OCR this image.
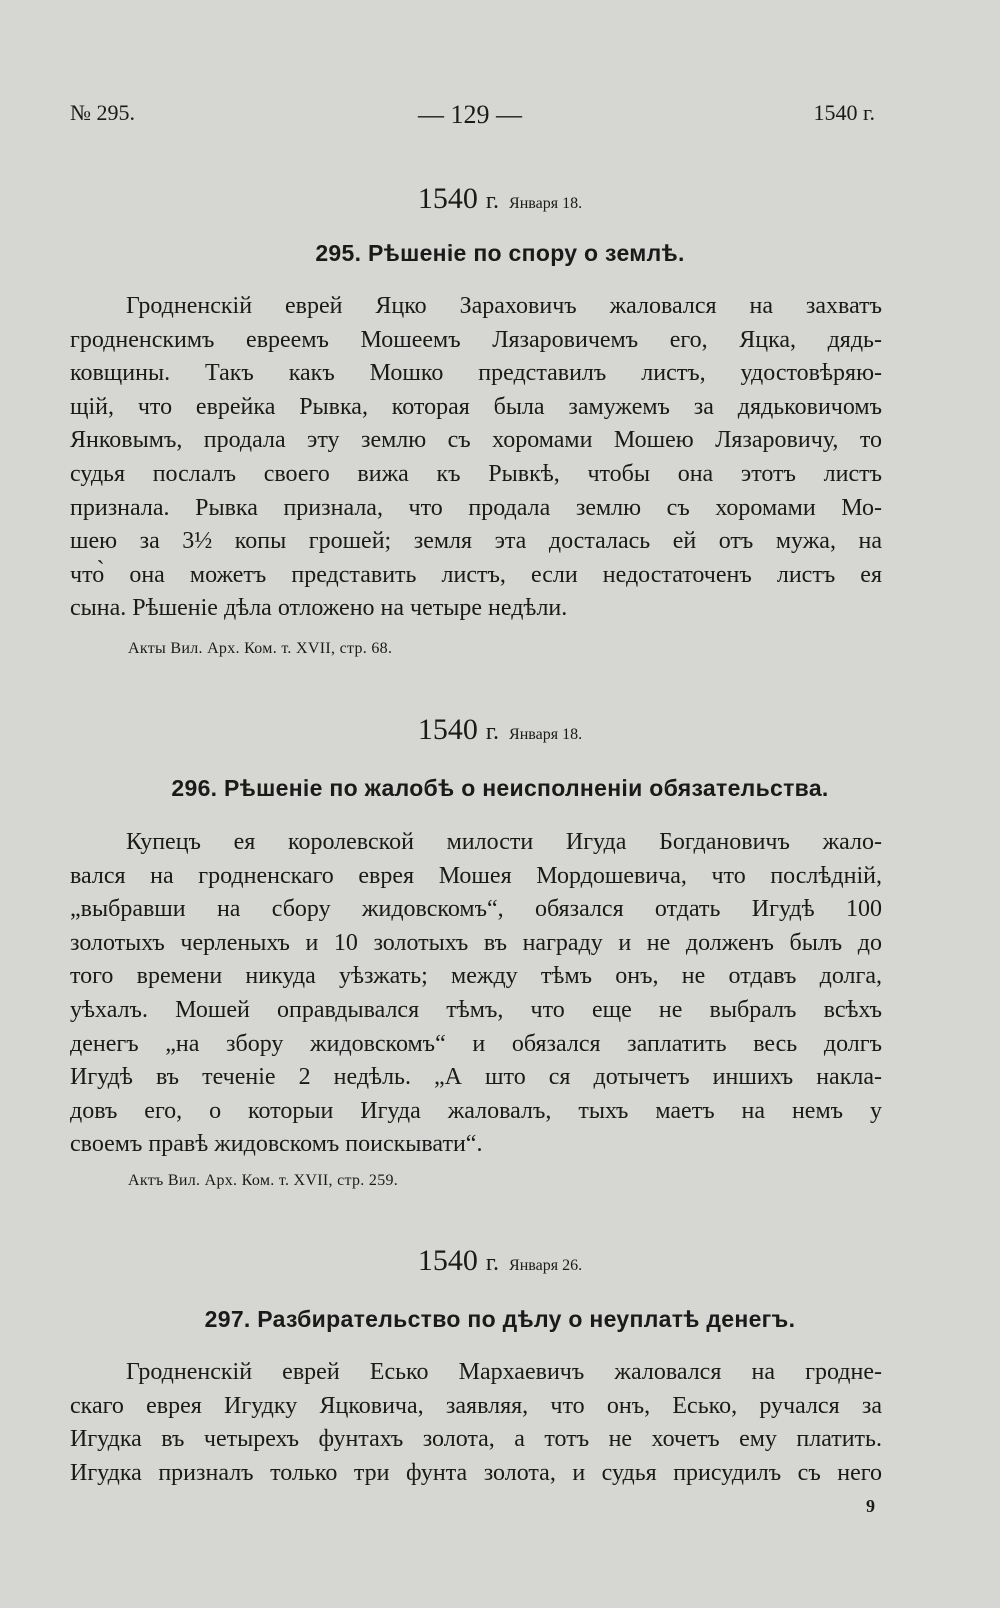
№ 295.	— 129 —	1540 г.
1540 г. Января 18.
295. Рѣшеніе по спору о землѣ.
Гродненскій еврей Яцко Зараховичъ жаловался на захватъ
гродненскимъ евреемъ Мошеемъ Лязаровичемъ его, Яцка, дядь-
ковщины. Такъ какъ Мошко представилъ листъ, удостовѣряю-
щій, что еврейка Рывка, которая была замужемъ за дядьковичомъ
Янковымъ, продала эту землю съ хоромами Мошею Лязаровичу, то
судья послалъ своего вижа къ Рывкѣ, чтобы она этотъ листъ
признала. Рывка признала, что продала землю съ хоромами Мо-
шею за 3½ копы грошей; земля эта досталась ей отъ мужа, на
что̀ она можетъ представить листъ, если недостаточенъ листъ ея
сына. Рѣшеніе дѣла отложено на четыре недѣли.
Акты Вил. Арх. Ком. т. XVII, стр. 68.
1540 г. Января 18.
296. Рѣшеніе по жалобѣ о неисполненіи обязательства.
Купецъ ея королевской милости Игуда Богдановичъ жало-
вался на гродненскаго еврея Мошея Мордошевича, что послѣдній,
„выбравши на сбору жидовскомъ“, обязался отдать Игудѣ 100
золотыхъ черленыхъ и 10 золотыхъ въ награду и не долженъ былъ до
того времени никуда уѣзжать; между тѣмъ онъ, не отдавъ долга,
уѣхалъ. Мошей оправдывался тѣмъ, что еще не выбралъ всѣхъ
денегъ „на збору жидовскомъ“ и обязался заплатить весь долгъ
Игудѣ въ теченіе 2 недѣль. „А што ся дотычетъ иншихъ наклa-
довъ его, о которыи Игуда жаловалъ, тыхъ маетъ на немъ у
своемъ правѣ жидовскомъ поискывати“.
Актъ Вил. Арх. Ком. т. XVII, стр. 259.
1540 г. Января 26.
297. Разбирательство по дѣлу о неуплатѣ денегъ.
Гродненскій еврей Есько Мархаевичъ жаловался на гродне-
скаго еврея Игудку Яцковича, заявляя, что онъ, Есько, ручался за
Игудка въ четырехъ фунтахъ золота, а тотъ не хочетъ ему платить.
Игудка призналъ только три фунта золота, и судья присудилъ съ него
9
